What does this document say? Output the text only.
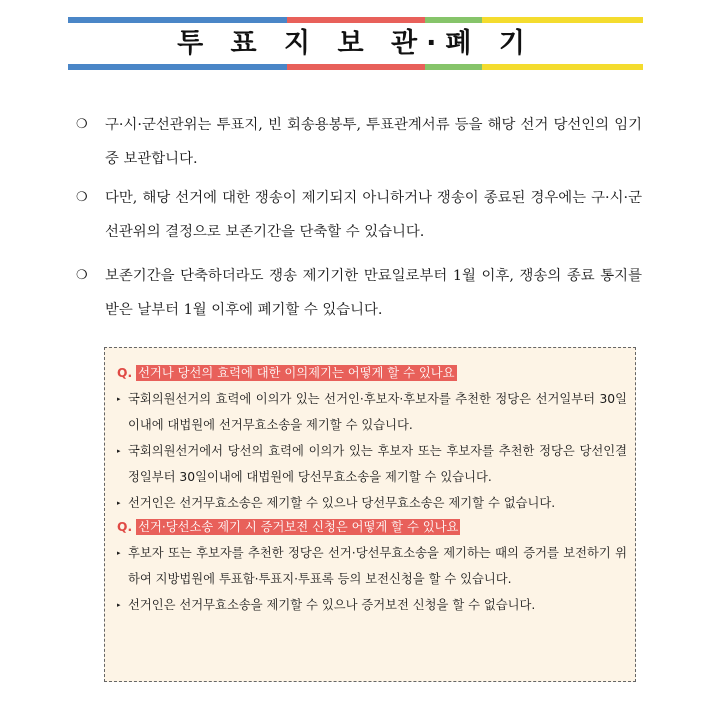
투 표 지 보 관·폐 기
❍	구·시·군선관위는 투표지, 빈 회송용봉투, 투표관계서류 등을 해당 선거 당선인의 임기중 보관합니다.
❍	다만, 해당 선거에 대한 쟁송이 제기되지 아니하거나 쟁송이 종료된 경우에는 구·시·군선관위의 결정으로 보존기간을 단축할 수 있습니다.
❍	보존기간을 단축하더라도 쟁송 제기기한 만료일로부터 1월 이후, 쟁송의 종료 통지를 받은 날부터 1월 이후에 폐기할 수 있습니다.
Q. 선거나 당선의 효력에 대한 이의제기는 어떻게 할 수 있나요
▸ 국회의원선거의 효력에 이의가 있는 선거인·후보자·후보자를 추천한 정당은 선거일부터 30일 이내에 대법원에 선거무효소송을 제기할 수 있습니다.
▸ 국회의원선거에서 당선의 효력에 이의가 있는 후보자 또는 후보자를 추천한 정당은 당선인결정일부터 30일이내에 대법원에 당선무효소송을 제기할 수 있습니다.
▸ 선거인은 선거무효소송은 제기할 수 있으나 당선무효소송은 제기할 수 없습니다.
Q. 선거·당선소송 제기 시 증거보전 신청은 어떻게 할 수 있나요
▸ 후보자 또는 후보자를 추천한 정당은 선거·당선무효소송을 제기하는 때의 증거를 보전하기 위하여 지방법원에 투표함·투표지·투표록 등의 보전신청을 할 수 있습니다.
▸ 선거인은 선거무효소송을 제기할 수 있으나 증거보전 신청을 할 수 없습니다.
